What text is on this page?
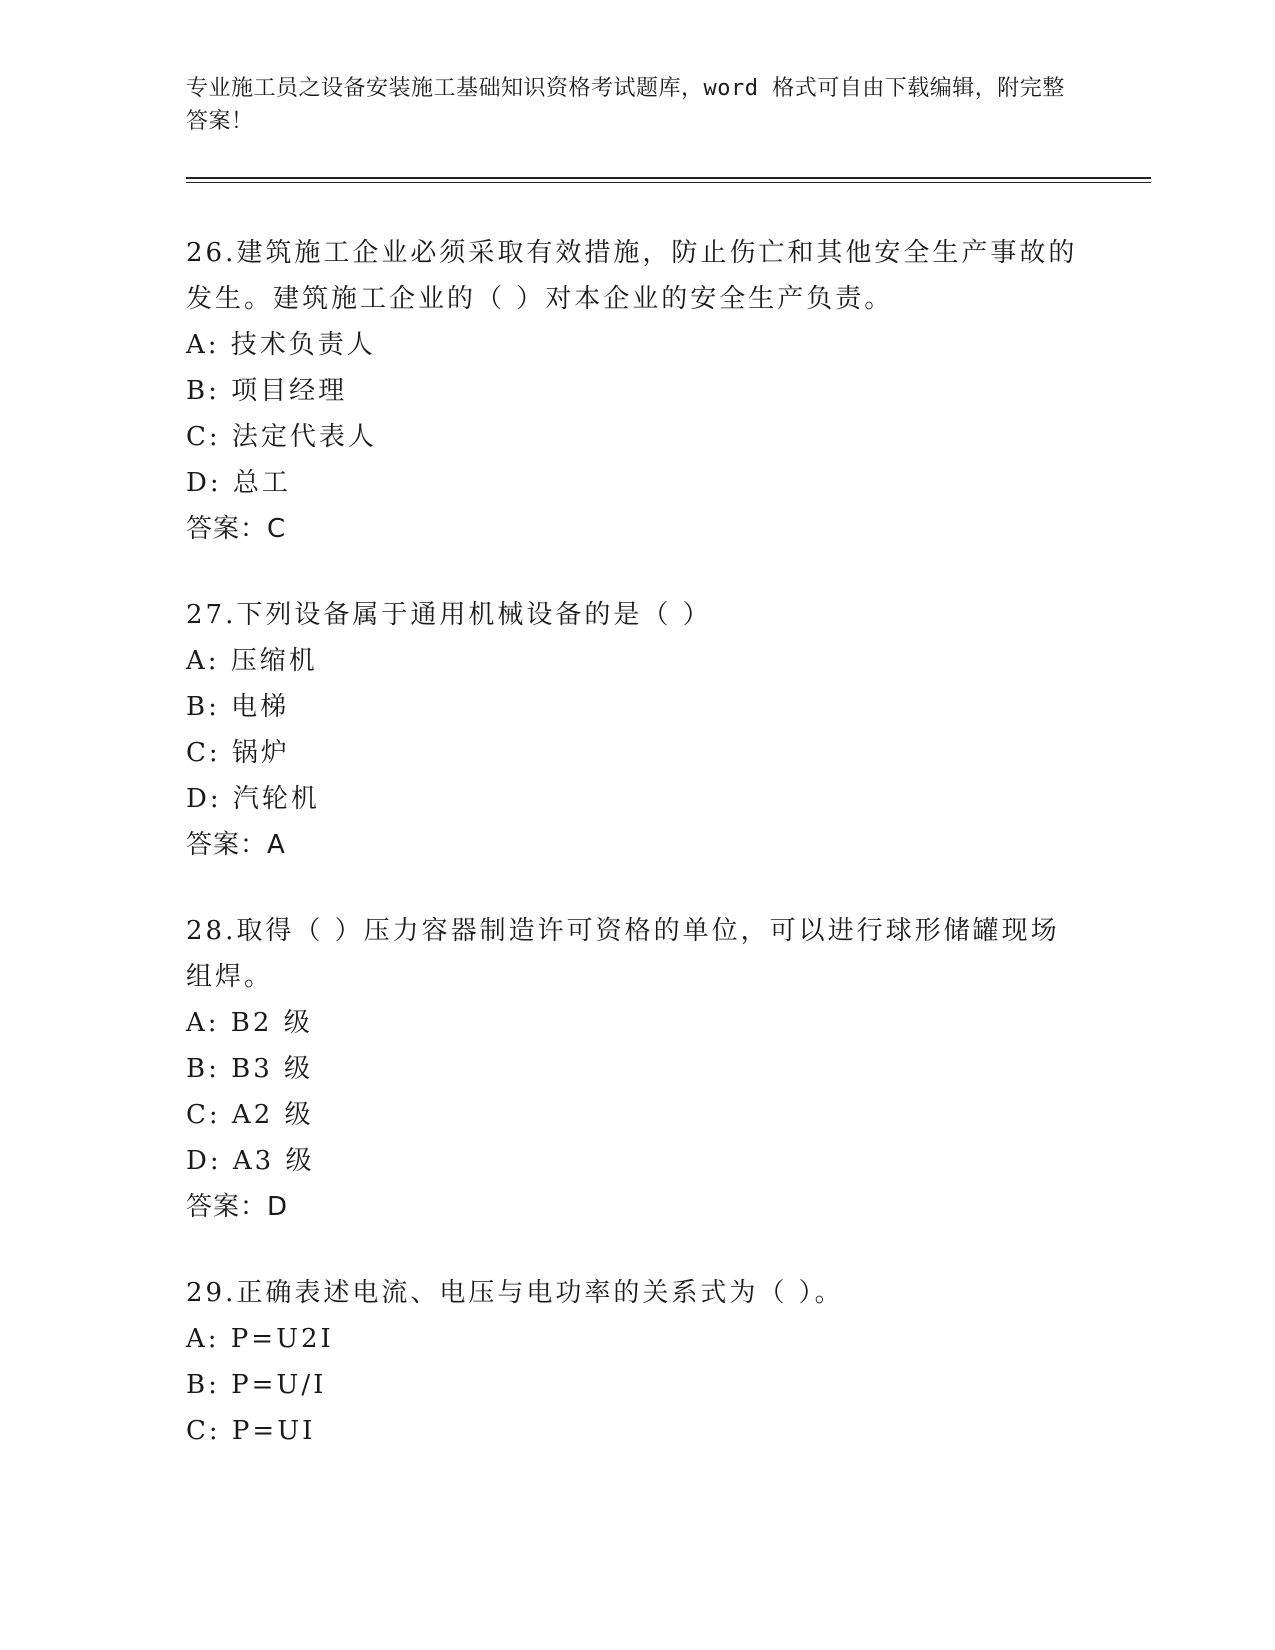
专业施工员之设备安装施工基础知识资格考试题库，word 格式可自由下载编辑，附完整答案！

26.建筑施工企业必须采取有效措施，防止伤亡和其他安全生产事故的发生。建筑施工企业的（ ）对本企业的安全生产负责。

A: 技术负责人

B: 项目经理

C: 法定代表人

D: 总工

答案：C

27.下列设备属于通用机械设备的是（ ）

A: 压缩机

B: 电梯

C: 锅炉

D: 汽轮机

答案：A

28.取得（ ）压力容器制造许可资格的单位，可以进行球形储罐现场组焊。

A: B2 级

B: B3 级

C: A2 级

D: A3 级

答案：D

29.正确表述电流、电压与电功率的关系式为（ ）。

A: P=U2I

B: P=U/I

C: P=UI
